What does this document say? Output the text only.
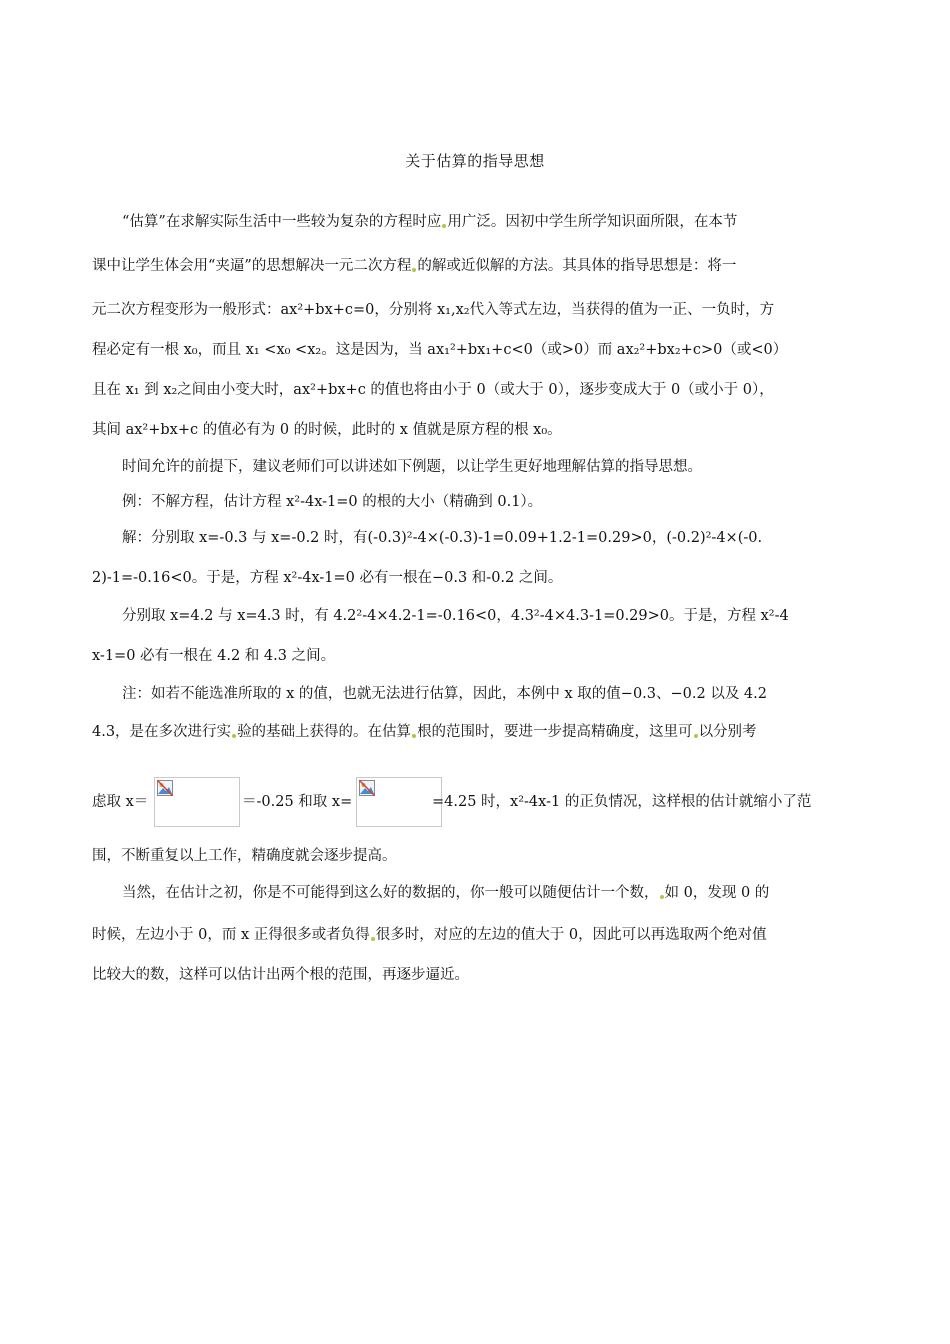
关于估算的指导思想
“估算”在求解实际生活中一些较为复杂的方程时应 用广泛。因初中学生所学知识面所限，在本节
课中让学生体会用“夹逼”的思想解决一元二次方程 的解或近似解的方法。其具体的指导思想是：将一
元二次方程变形为一般形式：ax²+bx+c=0，分别将 x₁,x₂代入等式左边，当获得的值为一正、一负时，方
程必定有一根 x₀，而且 x₁ <x₀ <x₂。这是因为，当 ax₁²+bx₁+c<0（或>0）而 ax₂²+bx₂+c>0（或<0）
且在 x₁ 到 x₂之间由小变大时，ax²+bx+c 的值也将由小于 0（或大于 0），逐步变成大于 0（或小于 0），
其间 ax²+bx+c 的值必有为 0 的时候，此时的 x 值就是原方程的根 x₀。
时间允许的前提下，建议老师们可以讲述如下例题，以让学生更好地理解估算的指导思想。
例：不解方程，估计方程 x²-4x-1=0 的根的大小（精确到 0.1）。
解：分别取 x=-0.3 与 x=-0.2 时，有(-0.3)²-4×(-0.3)-1=0.09+1.2-1=0.29>0，(-0.2)²-4×(-0.
2)-1=-0.16<0。于是，方程 x²-4x-1=0 必有一根在−0.3 和-0.2 之间。
分别取 x=4.2 与 x=4.3 时，有 4.2²-4×4.2-1=-0.16<0，4.3²-4×4.3-1=0.29>0。于是，方程 x²-4
x-1=0 必有一根在 4.2 和 4.3 之间。
注：如若不能选准所取的 x 的值，也就无法进行估算，因此，本例中 x 取的值−0.3、−0.2 以及 4.2
4.3，是在多次进行实 验的基础上获得的。在估算 根的范围时，要进一步提高精确度，这里可 以分别考
虑取 x＝	＝-0.25 和取 x=	=4.25 时，x²-4x-1 的正负情况，这样根的估计就缩小了范
围，不断重复以上工作，精确度就会逐步提高。
当然，在估计之初，你是不可能得到这么好的数据的，你一般可以随便估计一个数， 如 0，发现 0 的
时候，左边小于 0，而 x 正得很多或者负得 很多时，对应的左边的值大于 0，因此可以再选取两个绝对值
比较大的数，这样可以估计出两个根的范围，再逐步逼近。
